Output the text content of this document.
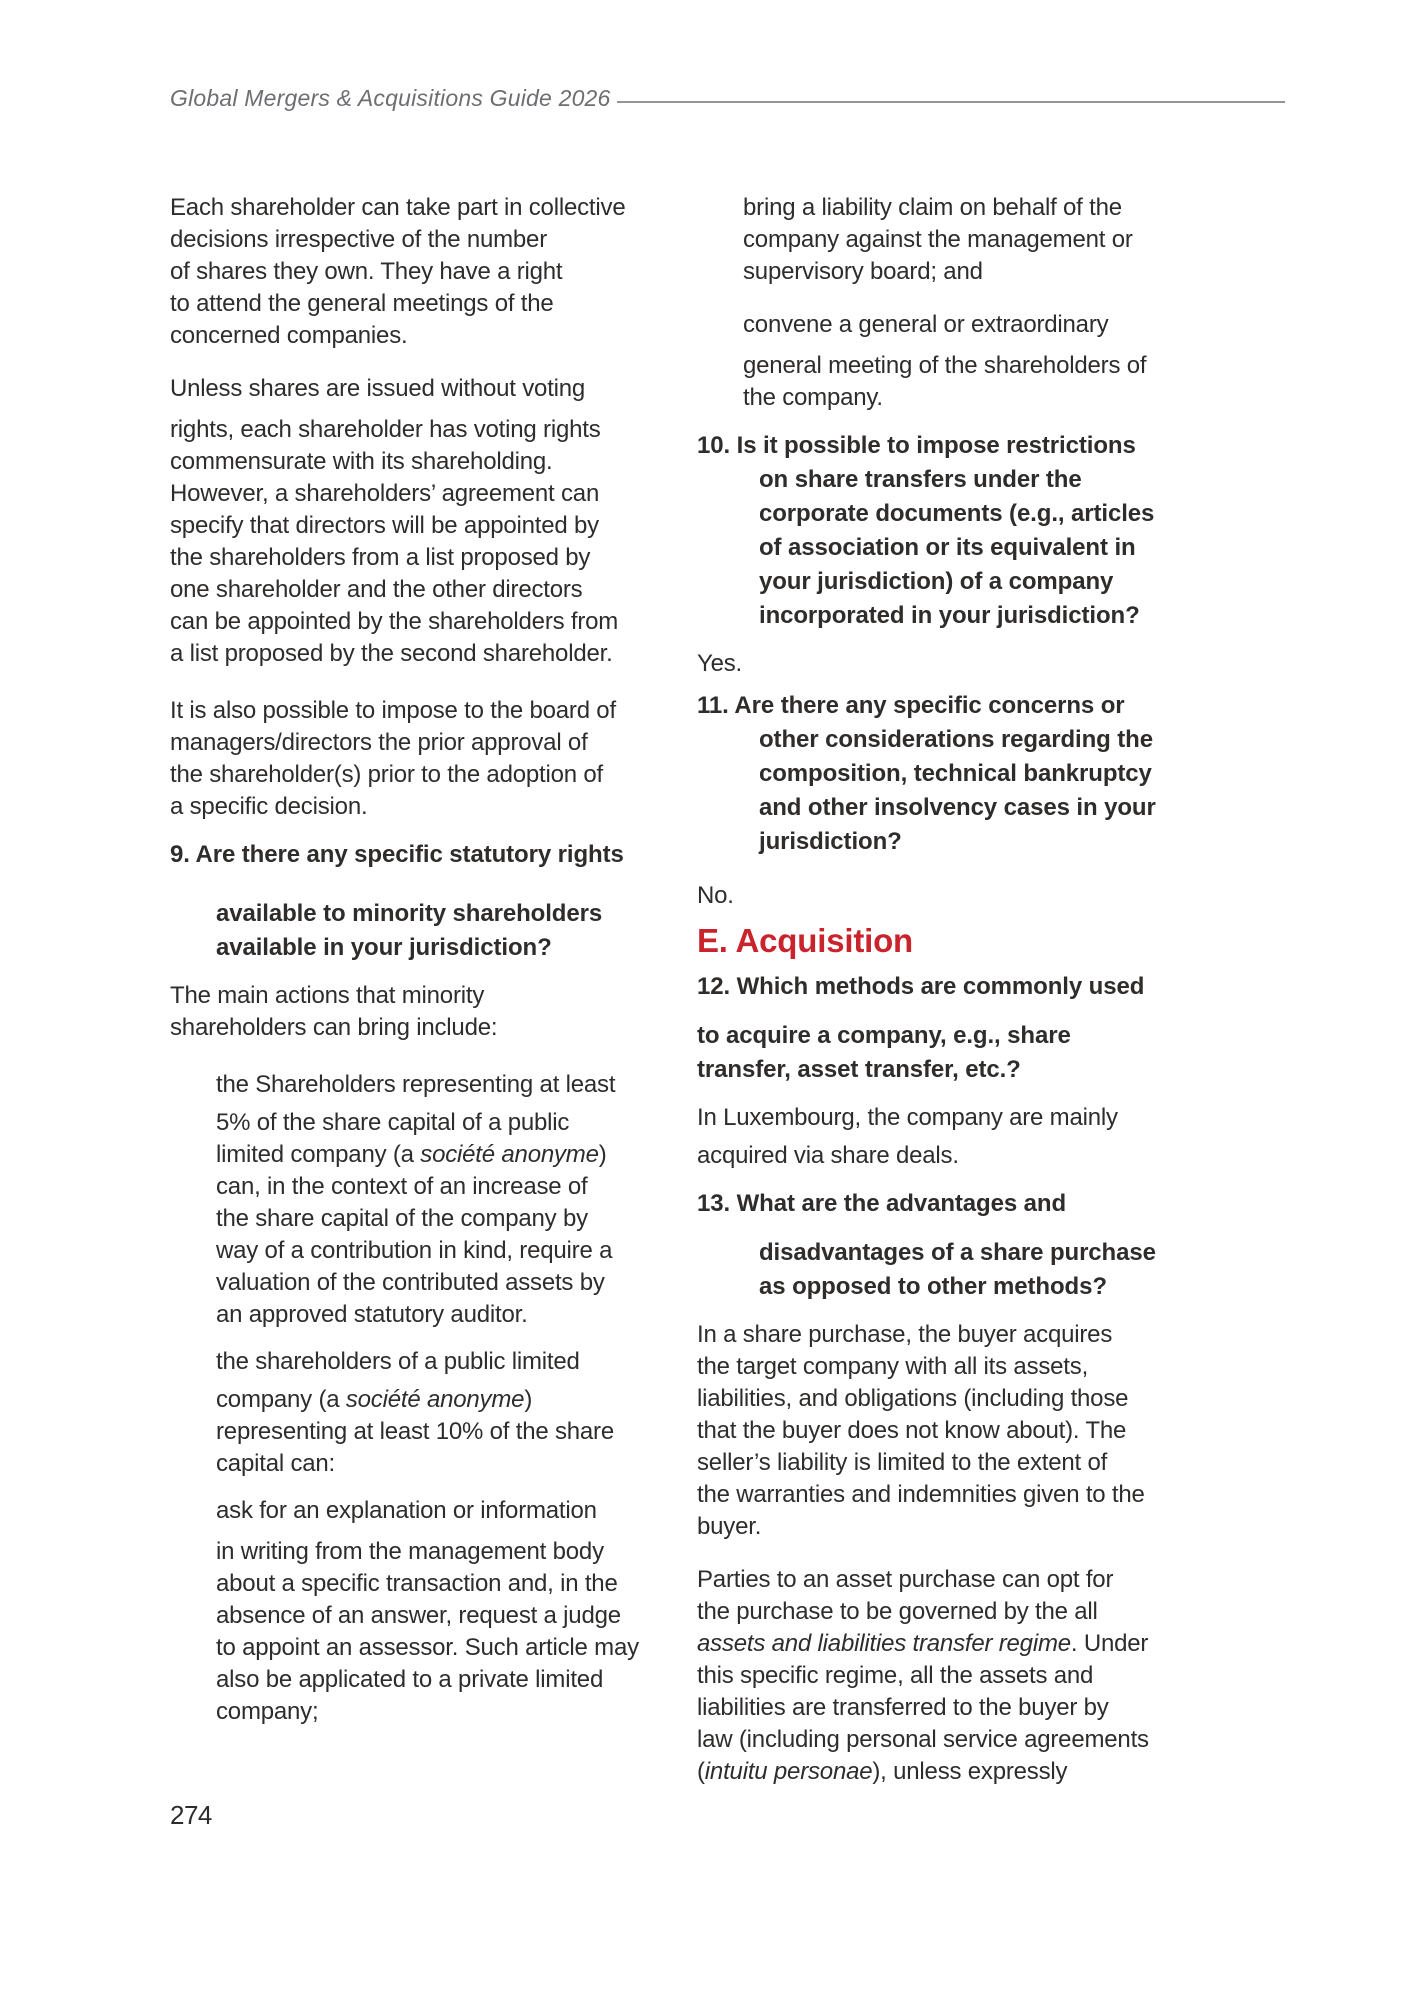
Global Mergers & Acquisitions Guide 2026
Each shareholder can take part in collective
decisions irrespective of the number
of shares they own. They have a right
to attend the general meetings of the
concerned companies.
Unless shares are issued without voting
rights, each shareholder has voting rights
commensurate with its shareholding.
However, a shareholders’ agreement can
specify that directors will be appointed by
the shareholders from a list proposed by
one shareholder and the other directors
can be appointed by the shareholders from
a list proposed by the second shareholder.
It is also possible to impose to the board of
managers/directors the prior approval of
the shareholder(s) prior to the adoption of
a specific decision.
9. Are there any specific statutory rights
available to minority shareholders
available in your jurisdiction?
The main actions that minority
shareholders can bring include:
the Shareholders representing at least
5% of the share capital of a public
limited company (a société anonyme)
can, in the context of an increase of
the share capital of the company by
way of a contribution in kind, require a
valuation of the contributed assets by
an approved statutory auditor.
the shareholders of a public limited
company (a société anonyme)
representing at least 10% of the share
capital can:
ask for an explanation or information
in writing from the management body
about a specific transaction and, in the
absence of an answer, request a judge
to appoint an assessor. Such article may
also be applicated to a private limited
company;
bring a liability claim on behalf of the
company against the management or
supervisory board; and
convene a general or extraordinary
general meeting of the shareholders of
the company.
10. Is it possible to impose restrictions
on share transfers under the
corporate documents (e.g., articles
of association or its equivalent in
your jurisdiction) of a company
incorporated in your jurisdiction?
Yes.
11. Are there any specific concerns or
other considerations regarding the
composition, technical bankruptcy
and other insolvency cases in your
jurisdiction?
No.
E. Acquisition
12. Which methods are commonly used
to acquire a company, e.g., share
transfer, asset transfer, etc.?
In Luxembourg, the company are mainly
acquired via share deals.
13. What are the advantages and
disadvantages of a share purchase
as opposed to other methods?
In a share purchase, the buyer acquires
the target company with all its assets,
liabilities, and obligations (including those
that the buyer does not know about). The
seller’s liability is limited to the extent of
the warranties and indemnities given to the
buyer.
Parties to an asset purchase can opt for
the purchase to be governed by the all
assets and liabilities transfer regime. Under
this specific regime, all the assets and
liabilities are transferred to the buyer by
law (including personal service agreements
(intuitu personae), unless expressly
274
